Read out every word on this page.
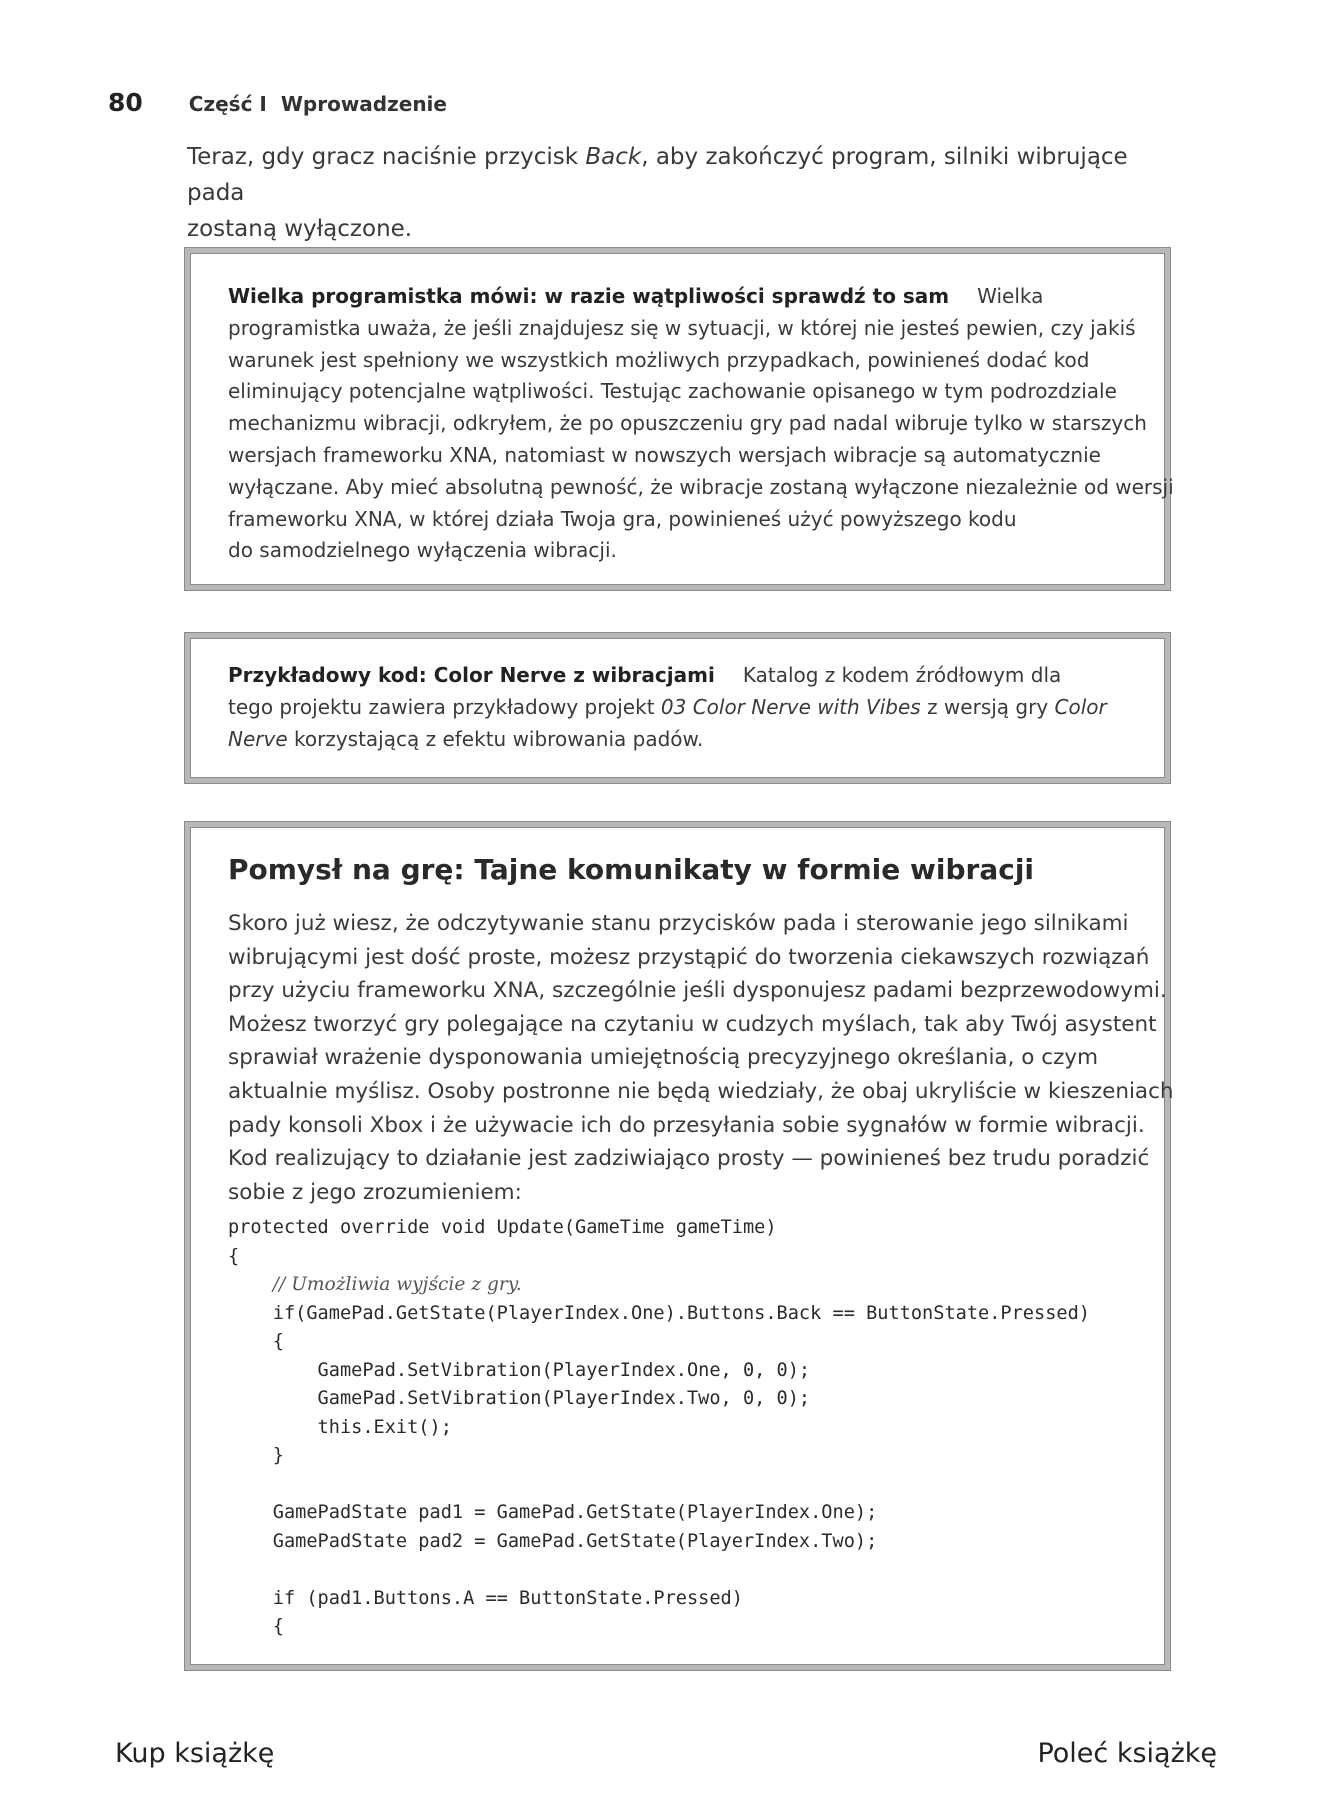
80 Część I Wprowadzenie

Teraz, gdy gracz naciśnie przycisk Back, aby zakończyć program, silniki wibrujące pada

zostaną wyłączone.

Wielka programistka mówi: w razie wątpliwości sprawdź to sam Wielka
programistka uważa, że jeśli znajdujesz się w sytuacji, w której nie jesteś pewien, czy jakiś
warunek jest spełniony we wszystkich możliwych przypadkach, powinieneś dodać kod
eliminujący potencjalne wątpliwości. Testując zachowanie opisanego w tym podrozdziale
mechanizmu wibracji, odkryłem, że po opuszczeniu gry pad nadal wibruje tylko w starszych
wersjach frameworku XNA, natomiast w nowszych wersjach wibracje są automatycznie
wyłączane. Aby mieć absolutną pewność, że wibracje zostaną wyłączone niezależnie od wersji
frameworku XNA, w której działa Twoja gra, powinieneś użyć powyższego kodu
do samodzielnego wyłączenia wibracji.
Przykładowy kod: Color Nerve z wibracjami Katalog z kodem źródłowym dla
tego projektu zawiera przykładowy projekt 03 Color Nerve with Vibes z wersją gry Color
Nerve korzystającą z efektu wibrowania padów.
Pomysł na grę: Tajne komunikaty w formie wibracji
Skoro już wiesz, że odczytywanie stanu przycisków pada i sterowanie jego silnikami
wibrującymi jest dość proste, możesz przystąpić do tworzenia ciekawszych rozwiązań
przy użyciu frameworku XNA, szczególnie jeśli dysponujesz padami bezprzewodowymi.
Możesz tworzyć gry polegające na czytaniu w cudzych myślach, tak aby Twój asystent
sprawiał wrażenie dysponowania umiejętnością precyzyjnego określania, o czym
aktualnie myślisz. Osoby postronne nie będą wiedziały, że obaj ukryliście w kieszeniach
pady konsoli Xbox i że używacie ich do przesyłania sobie sygnałów w formie wibracji.
Kod realizujący to działanie jest zadziwiająco prosty — powinieneś bez trudu poradzić
sobie z jego zrozumieniem:
protected override void Update(GameTime gameTime)
{
// Umożliwia wyjście z gry.
if(GamePad.GetState(PlayerIndex.One).Buttons.Back == ButtonState.Pressed)
{
GamePad.SetVibration(PlayerIndex.One, 0, 0);
GamePad.SetVibration(PlayerIndex.Two, 0, 0);
this.Exit();
}
GamePadState pad1 = GamePad.GetState(PlayerIndex.One);
GamePadState pad2 = GamePad.GetState(PlayerIndex.Two);
if (pad1.Buttons.A == ButtonState.Pressed)
{
Kup książkę	Poleć książkę
